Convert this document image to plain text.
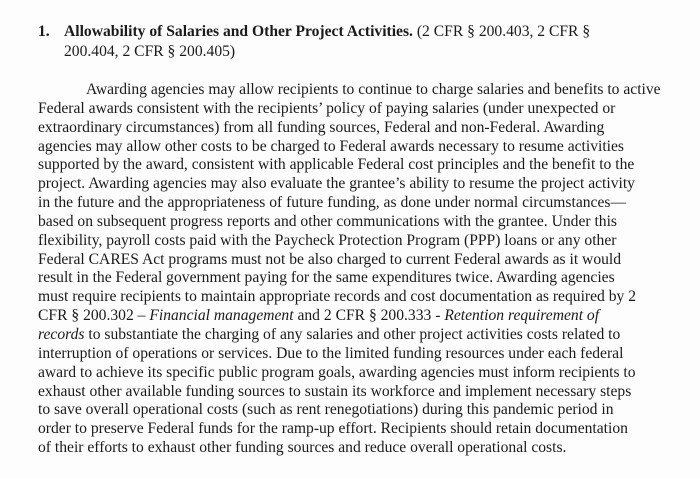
1. Allowability of Salaries and Other Project Activities. (2 CFR § 200.403, 2 CFR §
200.404, 2 CFR § 200.405)
Awarding agencies may allow recipients to continue to charge salaries and benefits to active
Federal awards consistent with the recipients’ policy of paying salaries (under unexpected or
extraordinary circumstances) from all funding sources, Federal and non-Federal. Awarding
agencies may allow other costs to be charged to Federal awards necessary to resume activities
supported by the award, consistent with applicable Federal cost principles and the benefit to the
project. Awarding agencies may also evaluate the grantee’s ability to resume the project activity
in the future and the appropriateness of future funding, as done under normal circumstances—
based on subsequent progress reports and other communications with the grantee. Under this
flexibility, payroll costs paid with the Paycheck Protection Program (PPP) loans or any other
Federal CARES Act programs must not be also charged to current Federal awards as it would
result in the Federal government paying for the same expenditures twice. Awarding agencies
must require recipients to maintain appropriate records and cost documentation as required by 2
CFR § 200.302 – Financial management and 2 CFR § 200.333 - Retention requirement of
records to substantiate the charging of any salaries and other project activities costs related to
interruption of operations or services. Due to the limited funding resources under each federal
award to achieve its specific public program goals, awarding agencies must inform recipients to
exhaust other available funding sources to sustain its workforce and implement necessary steps
to save overall operational costs (such as rent renegotiations) during this pandemic period in
order to preserve Federal funds for the ramp-up effort. Recipients should retain documentation
of their efforts to exhaust other funding sources and reduce overall operational costs.
